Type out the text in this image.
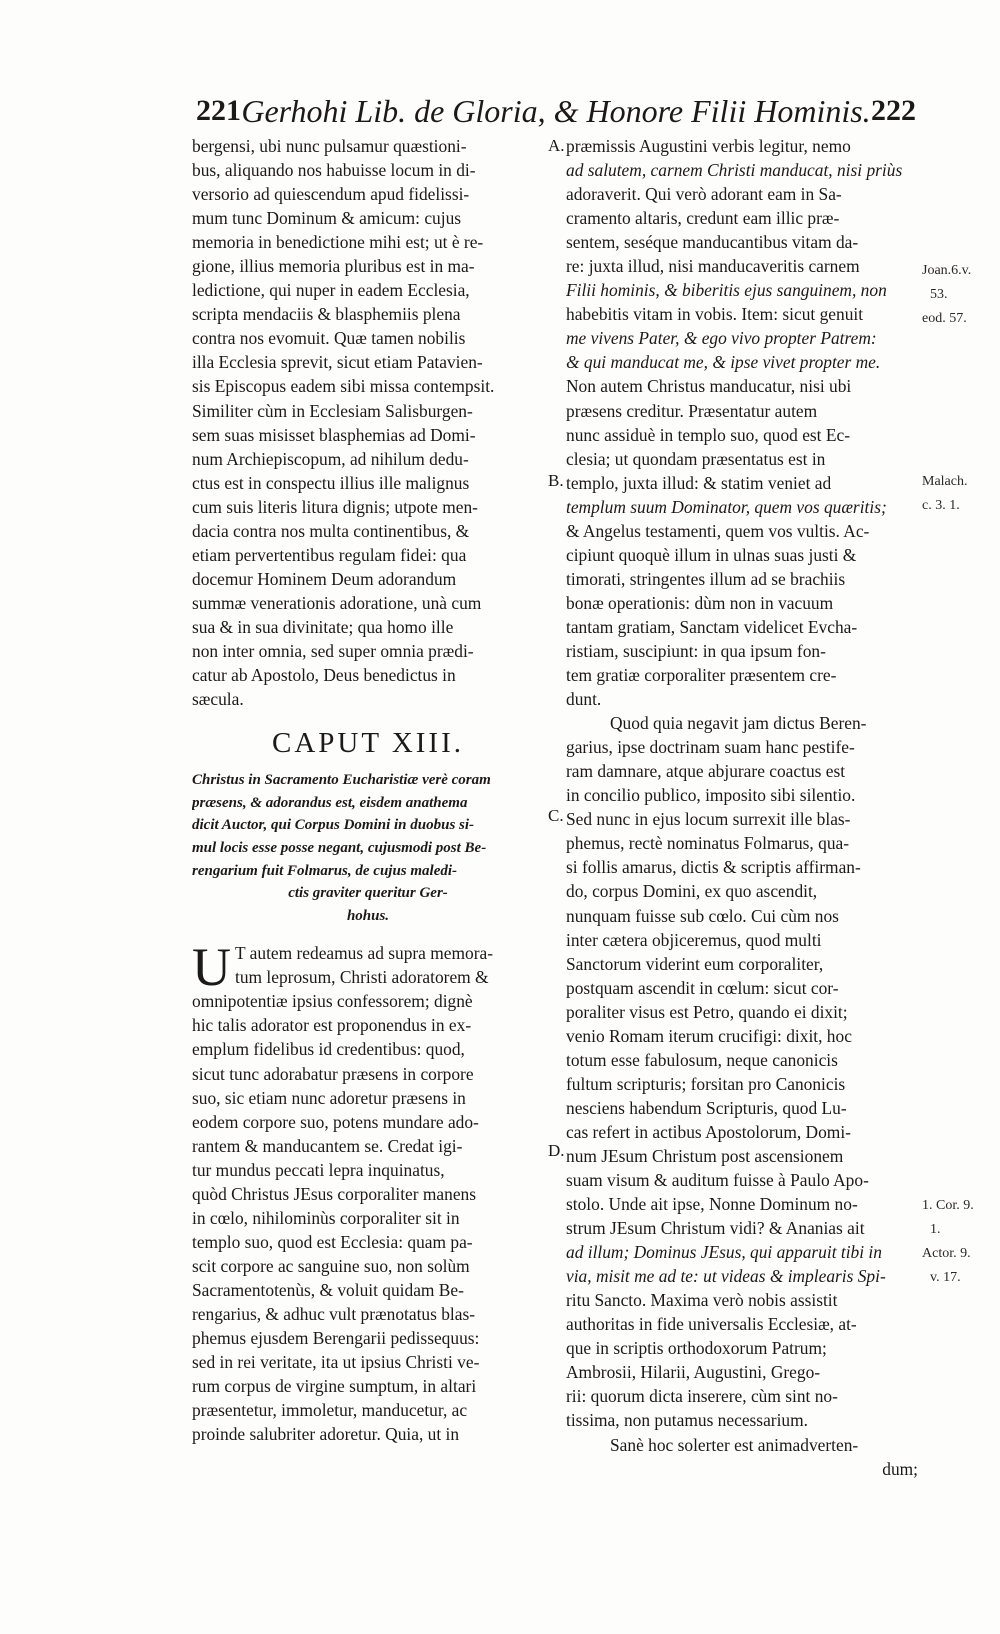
221 Gerhohi Lib. de Gloria, & Honore Filii Hominis. 222
bergensi, ubi nunc pulsamur quæstioni-
bus, aliquando nos habuisse locum in di-
versorio ad quiescendum apud fidelissi-
mum tunc Dominum & amicum: cujus
memoria in benedictione mihi est; ut è re-
gione, illius memoria pluribus est in ma-
ledictione, qui nuper in eadem Ecclesia,
scripta mendaciis & blasphemiis plena
contra nos evomuit. Quæ tamen nobilis
illa Ecclesia sprevit, sicut etiam Patavien-
sis Episcopus eadem sibi missa contempsit.
Similiter cùm in Ecclesiam Salisburgen-
sem suas misisset blasphemias ad Domi-
num Archiepiscopum, ad nihilum dedu-
ctus est in conspectu illius ille malignus
cum suis literis litura dignis; utpote men-
dacia contra nos multa continentibus, &
etiam pervertentibus regulam fidei: qua
docemur Hominem Deum adorandum
summæ venerationis adoratione, unà cum
sua & in sua divinitate; qua homo ille
non inter omnia, sed super omnia prædi-
catur ab Apostolo, Deus benedictus in
sæcula.
CAPUT XIII.
Christus in Sacramento Eucharistiæ verè coram
præsens, & adorandus est, eisdem anathema
dicit Auctor, qui Corpus Domini in duobus si-
mul locis esse posse negant, cujusmodi post Be-
rengarium fuit Folmarus, de cujus maledi-
ctis graviter queritur Ger-
hohus.
U T autem redeamus ad supra memora-
tum leprosum, Christi adoratorem &
omnipotentiæ ipsius confessorem; dignè
hic talis adorator est proponendus in ex-
emplum fidelibus id credentibus: quod,
sicut tunc adorabatur præsens in corpore
suo, sic etiam nunc adoretur præsens in
eodem corpore suo, potens mundare ado-
rantem & manducantem se. Credat igi-
tur mundus peccati lepra inquinatus,
quòd Christus JEsus corporaliter manens
in cœlo, nihilominùs corporaliter sit in
templo suo, quod est Ecclesia: quam pa-
scit corpore ac sanguine suo, non solùm
Sacramentotenùs, & voluit quidam Be-
rengarius, & adhuc vult prænotatus blas-
phemus ejusdem Berengarii pedissequus:
sed in rei veritate, ita ut ipsius Christi ve-
rum corpus de virgine sumptum, in altari
præsentetur, immoletur, manducetur, ac
proinde salubriter adoretur. Quia, ut in
A.
B.
C.
D.
præmissis Augustini verbis legitur, nemo
ad salutem, carnem Christi manducat, nisi priùs
adoraverit. Qui verò adorant eam in Sa-
cramento altaris, credunt eam illic præ-
sentem, seséque manducantibus vitam da-
re: juxta illud, nisi manducaveritis carnem
Filii hominis, & biberitis ejus sanguinem, non
habebitis vitam in vobis. Item: sicut genuit
me vivens Pater, & ego vivo propter Patrem:
& qui manducat me, & ipse vivet propter me.
Non autem Christus manducatur, nisi ubi
præsens creditur. Præsentatur autem
nunc assiduè in templo suo, quod est Ec-
clesia; ut quondam præsentatus est in
templo, juxta illud: & statim veniet ad
templum suum Dominator, quem vos quæritis;
& Angelus testamenti, quem vos vultis. Ac-
cipiunt quoquè illum in ulnas suas justi &
timorati, stringentes illum ad se brachiis
bonæ operationis: dùm non in vacuum
tantam gratiam, Sanctam videlicet Evcha-
ristiam, suscipiunt: in qua ipsum fon-
tem gratiæ corporaliter præsentem cre-
dunt.
Quod quia negavit jam dictus Beren-
garius, ipse doctrinam suam hanc pestife-
ram damnare, atque abjurare coactus est
in concilio publico, imposito sibi silentio.
Sed nunc in ejus locum surrexit ille blas-
phemus, rectè nominatus Folmarus, qua-
si follis amarus, dictis & scriptis affirman-
do, corpus Domini, ex quo ascendit,
nunquam fuisse sub cœlo. Cui cùm nos
inter cætera objiceremus, quod multi
Sanctorum viderint eum corporaliter,
postquam ascendit in cœlum: sicut cor-
poraliter visus est Petro, quando ei dixit;
venio Romam iterum crucifigi: dixit, hoc
totum esse fabulosum, neque canonicis
fultum scripturis; forsitan pro Canonicis
nesciens habendum Scripturis, quod Lu-
cas refert in actibus Apostolorum, Domi-
num JEsum Christum post ascensionem
suam visum & auditum fuisse à Paulo Apo-
stolo. Unde ait ipse, Nonne Dominum no-
strum JEsum Christum vidi? & Ananias ait
ad illum; Dominus JEsus, qui apparuit tibi in
via, misit me ad te: ut videas & implearis Spi-
ritu Sancto. Maxima verò nobis assistit
authoritas in fide universalis Ecclesiæ, at-
que in scriptis orthodoxorum Patrum;
Ambrosii, Hilarii, Augustini, Grego-
rii: quorum dicta inserere, cùm sint no-
tissima, non putamus necessarium.
Sanè hoc solerter est animadverten-
dum;
Joan.6.v.
53.
eod. 57.
Malach.
c. 3. 1.
1. Cor. 9.
1.
Actor. 9.
v. 17.
